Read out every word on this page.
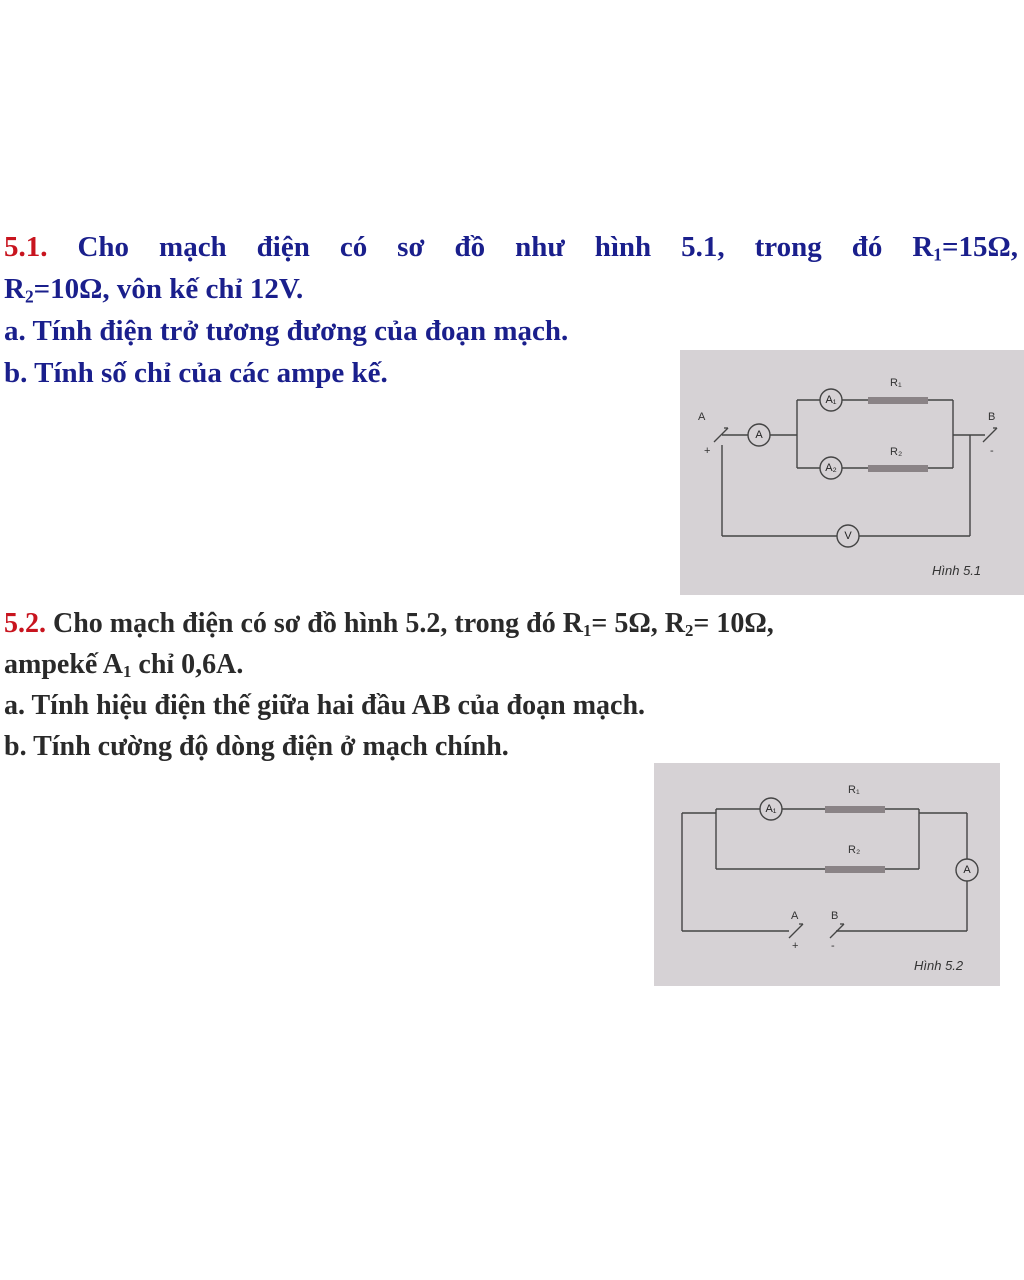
5.1. Cho mạch điện có sơ đồ như hình 5.1, trong đó $R_1=15\Omega$,
$R_2=10\Omega$, vôn kế chỉ 12V.
a. Tính điện trở tương đương của đoạn mạch.
b. Tính số chỉ của các ampe kế.
A
A₁
A₂
V
A
+
B
-
R₁
R₂
Hình 5.1
5.2. Cho mạch điện có sơ đồ hình 5.2, trong đó $R_1= 5\Omega$, $R_2= 10\Omega$,
ampekế $A_1$ chỉ 0,6A.
a. Tính hiệu điện thế giữa hai đầu AB của đoạn mạch.
b. Tính cường độ dòng điện ở mạch chính.
A₁
A
A
+
B
-
R₁
R₂
Hình 5.2
